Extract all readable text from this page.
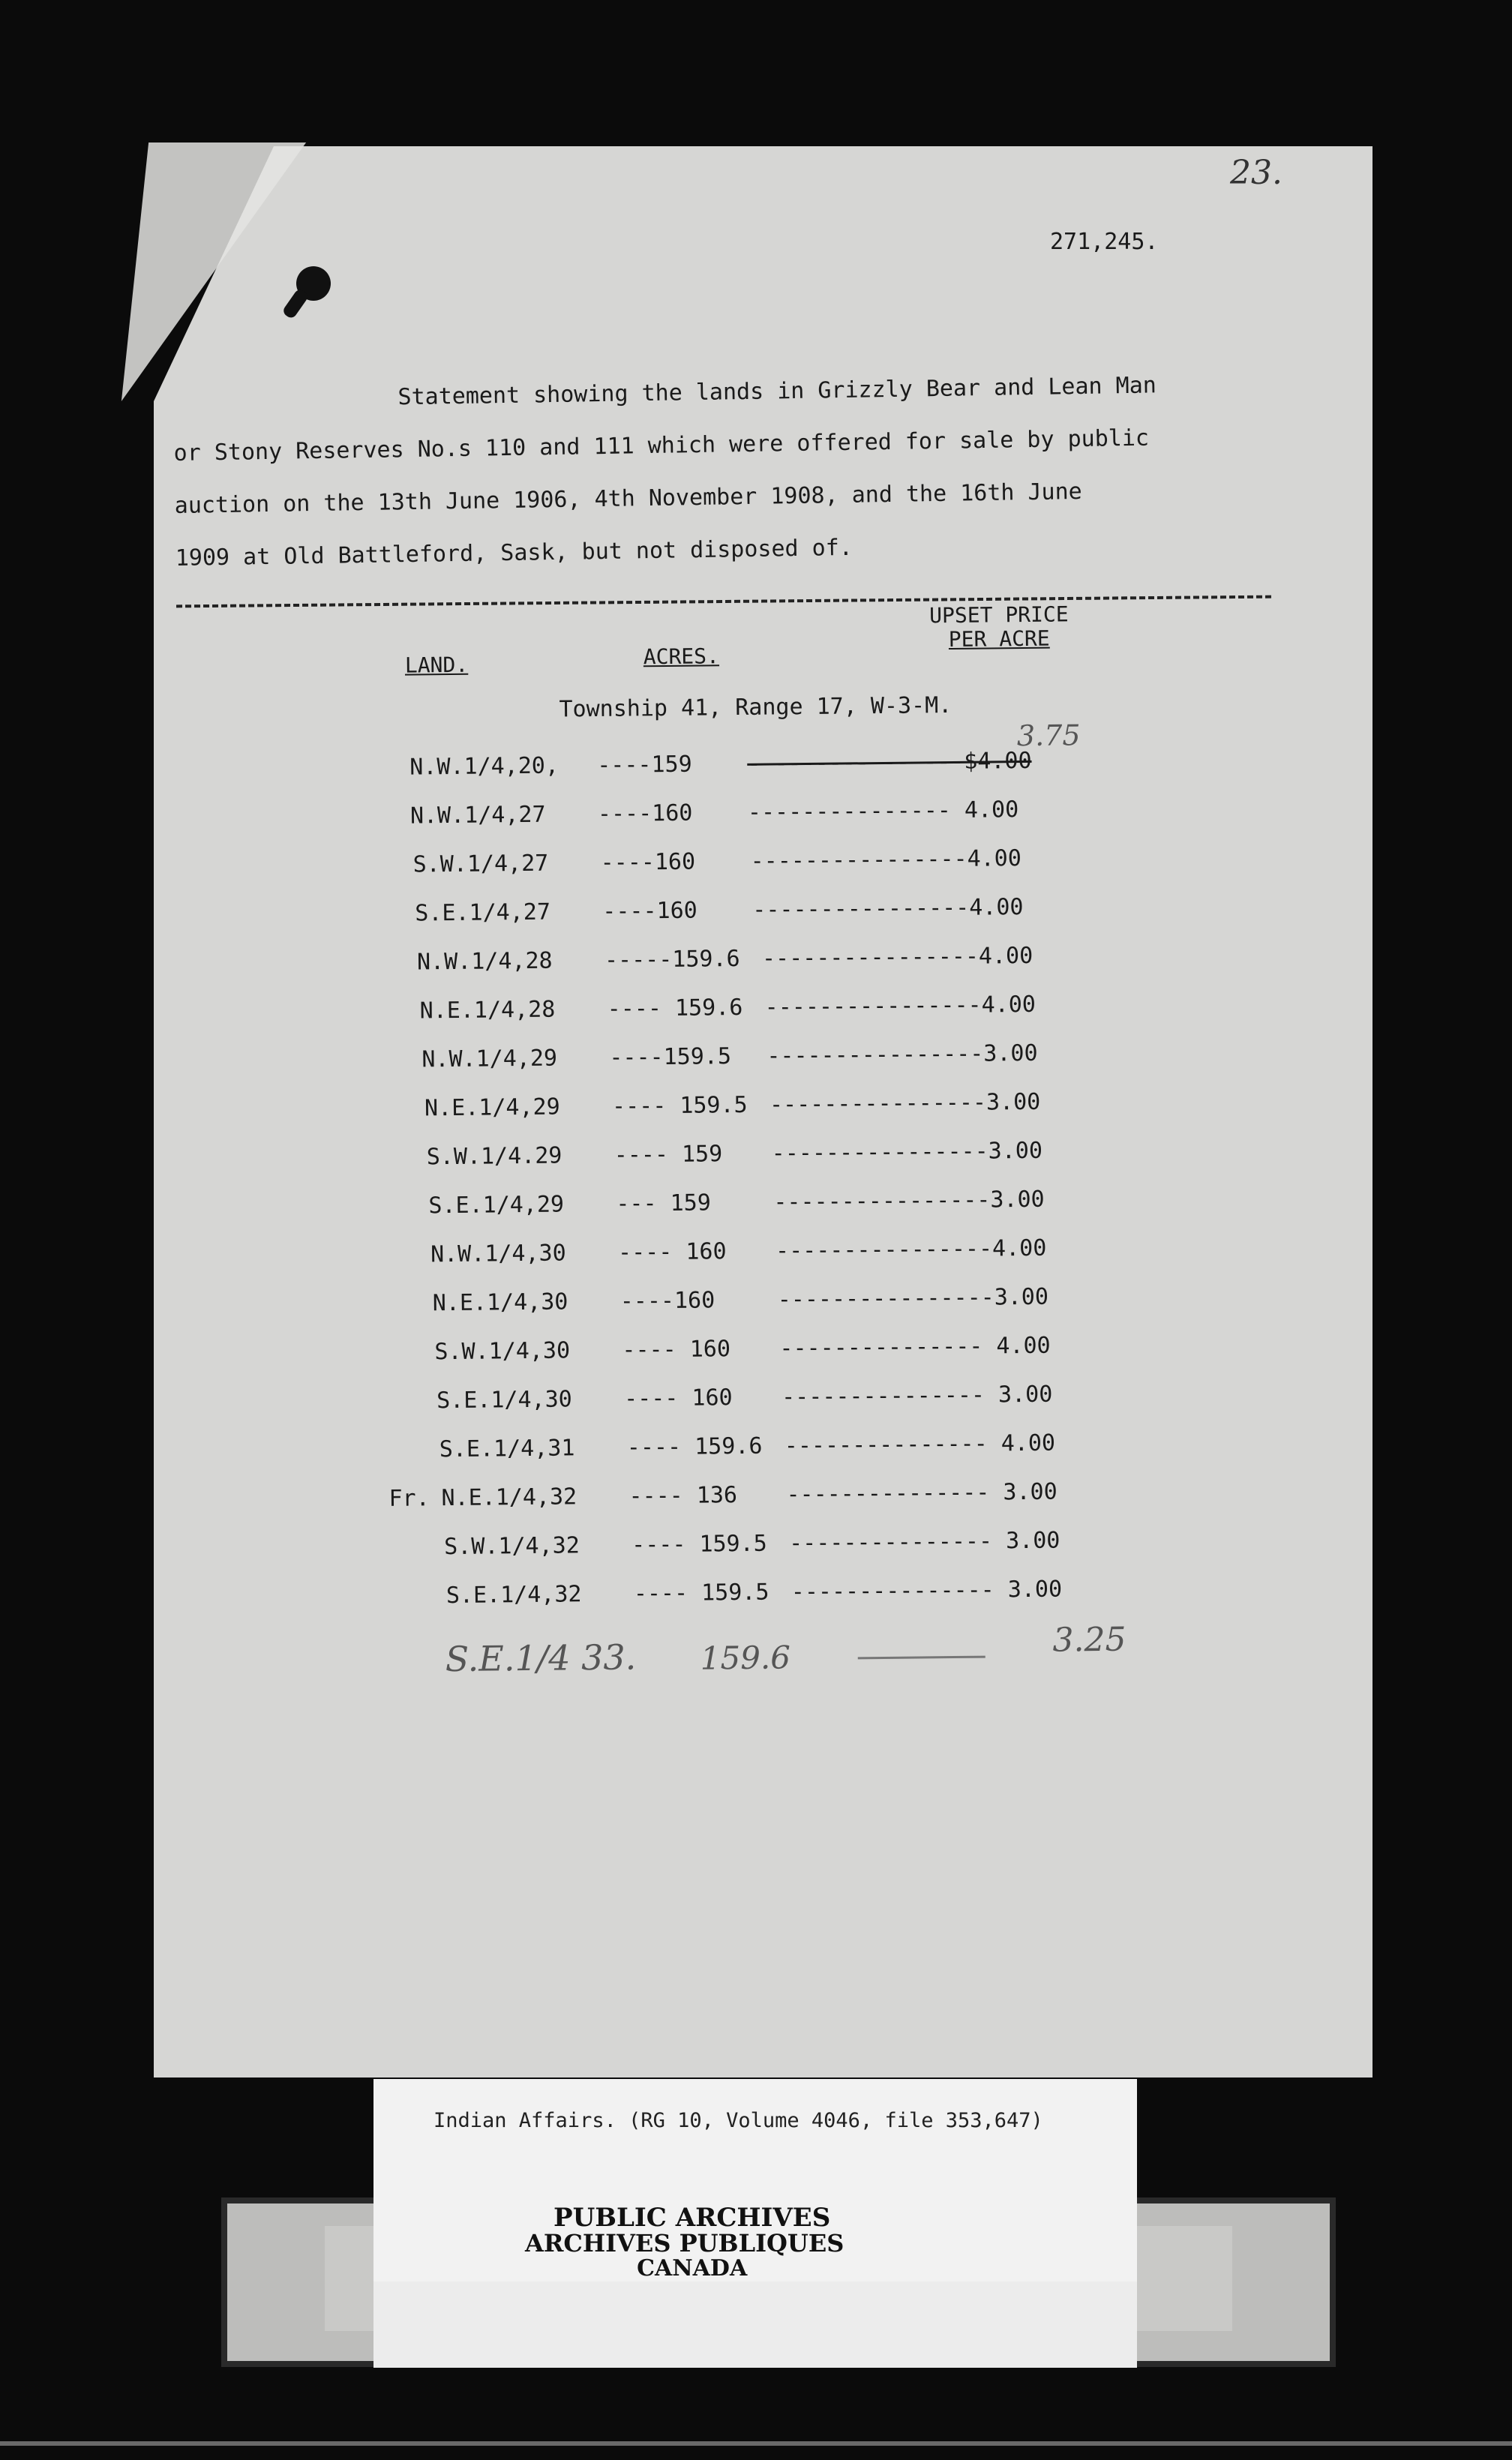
23.
271,245.
Statement showing the lands in Grizzly Bear and Lean Man
or Stony Reserves No.s 110 and 111 which were offered for sale by public
auction on the 13th June 1906, 4th November 1908, and the 16th June
1909 at Old Battleford, Sask, but not disposed of.
LAND.	ACRES.
UPSET PRICE
PER ACRE
Township 41, Range 17, W-3-M.
N.W.1/4,20, ----159 ----------------$4.00
3.75
N.W.1/4,27 ----160 --------------- 4.00
S.W.1/4,27 ----160 ----------------4.00
S.E.1/4,27 ----160 ----------------4.00
N.W.1/4,28 -----159.6 ----------------4.00
N.E.1/4,28 ---- 159.6 ----------------4.00
N.W.1/4,29 ----159.5 ----------------3.00
N.E.1/4,29 ---- 159.5 ----------------3.00
S.W.1/4.29 ---- 159 ----------------3.00
S.E.1/4,29 --- 159	----------------3.00
N.W.1/4,30 ---- 160 ----------------4.00
N.E.1/4,30 ----160	----------------3.00
S.W.1/4,30 ---- 160 --------------- 4.00
S.E.1/4,30 ---- 160 --------------- 3.00
S.E.1/4,31 ---- 159.6 --------------- 4.00
Fr. N.E.1/4,32 ---- 136 --------------- 3.00
S.W.1/4,32 ---- 159.5 --------------- 3.00
S.E.1/4,32 ---- 159.5 --------------- 3.00
S.E.1/4 33. 159.6	3.25
Indian Affairs. (RG 10, Volume 4046, file 353,647)
PUBLIC ARCHIVES
ARCHIVES PUBLIQUES
CANADA
